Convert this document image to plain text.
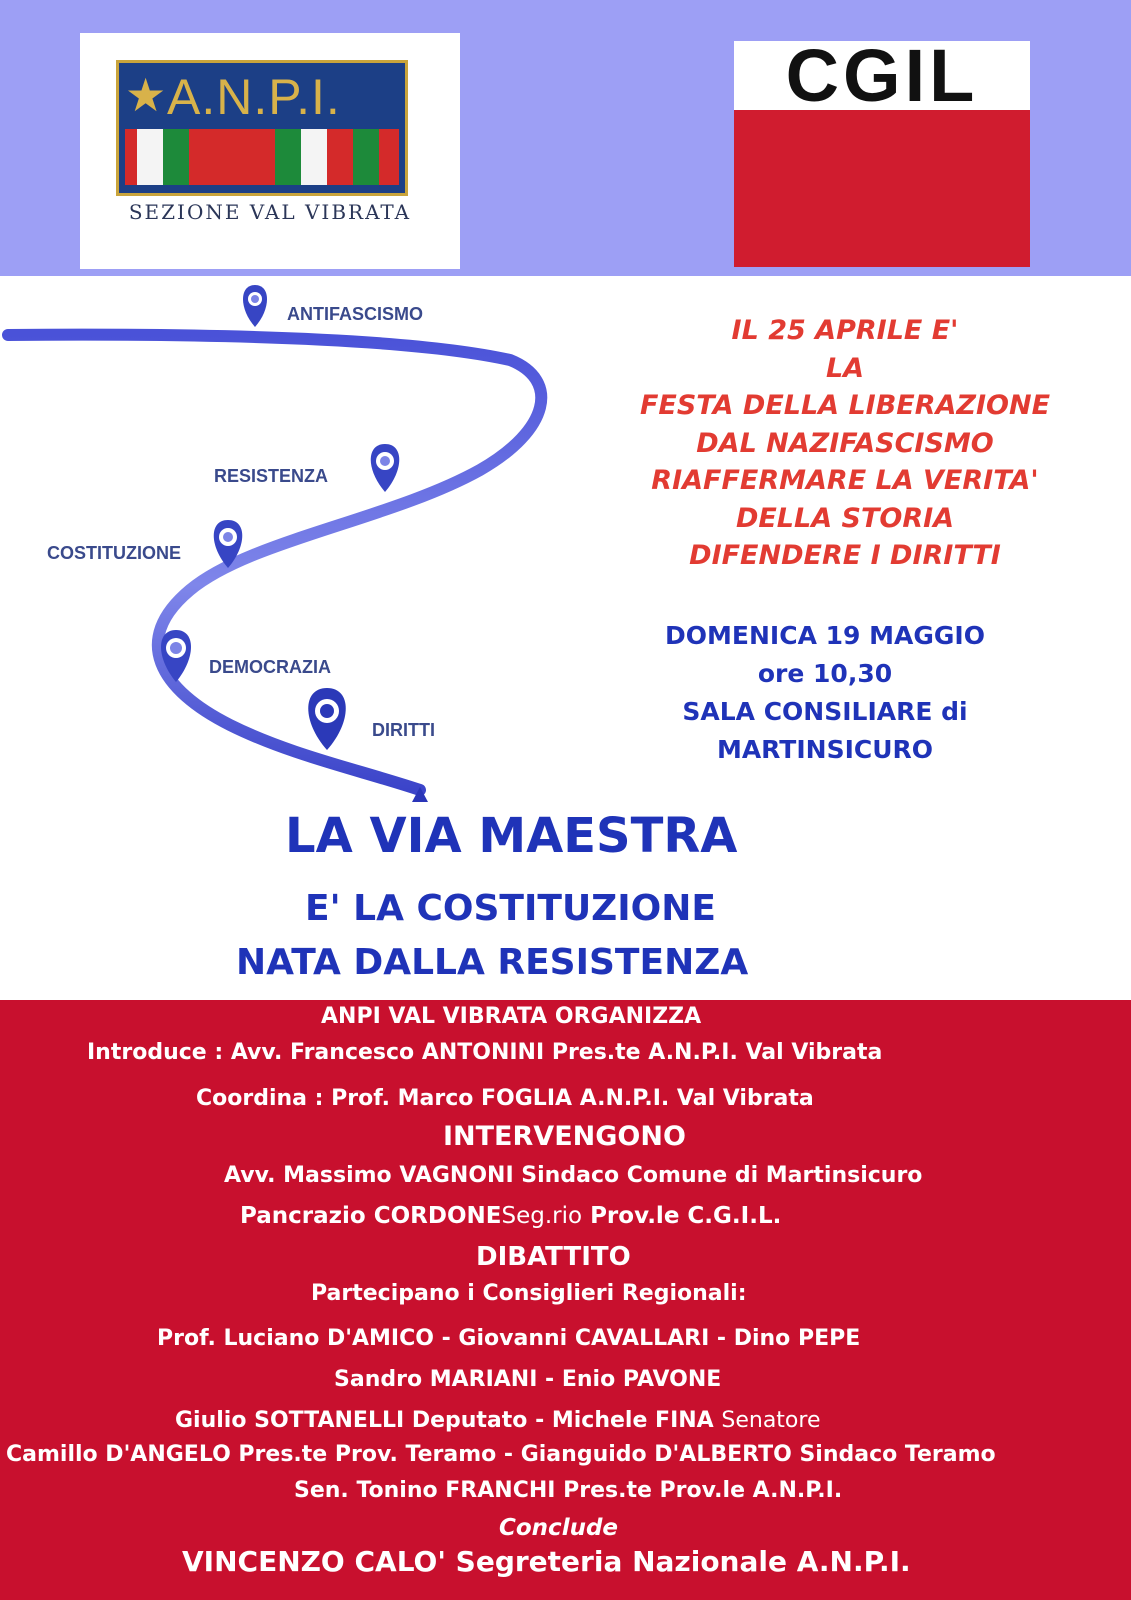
★ A.N.P.I.
SEZIONE VAL VIBRATA
CGIL
ANTIFASCISMO
RESISTENZA
COSTITUZIONE
DEMOCRAZIA
DIRITTI
IL 25 APRILE E'
LA
FESTA DELLA LIBERAZIONE
DAL NAZIFASCISMO
RIAFFERMARE LA VERITA'
DELLA STORIA
DIFENDERE I DIRITTI
DOMENICA 19 MAGGIO
ore 10,30
SALA CONSILIARE di
MARTINSICURO
LA VIA MAESTRA
E' LA COSTITUZIONE
NATA DALLA RESISTENZA
ANPI VAL VIBRATA ORGANIZZA
Introduce : Avv. Francesco ANTONINI Pres.te A.N.P.I. Val Vibrata
Coordina : Prof. Marco FOGLIA A.N.P.I. Val Vibrata
INTERVENGONO
Avv. Massimo VAGNONI Sindaco Comune di Martinsicuro
Pancrazio CORDONESeg.rio Prov.le C.G.I.L.
DIBATTITO
Partecipano i Consiglieri Regionali:
Prof. Luciano D'AMICO - Giovanni CAVALLARI - Dino PEPE
Sandro MARIANI - Enio PAVONE
Giulio SOTTANELLI Deputato - Michele FINA Senatore
Camillo D'ANGELO Pres.te Prov. Teramo - Gianguido D'ALBERTO Sindaco Teramo
Sen. Tonino FRANCHI Pres.te Prov.le A.N.P.I.
Conclude
VINCENZO CALO' Segreteria Nazionale A.N.P.I.
